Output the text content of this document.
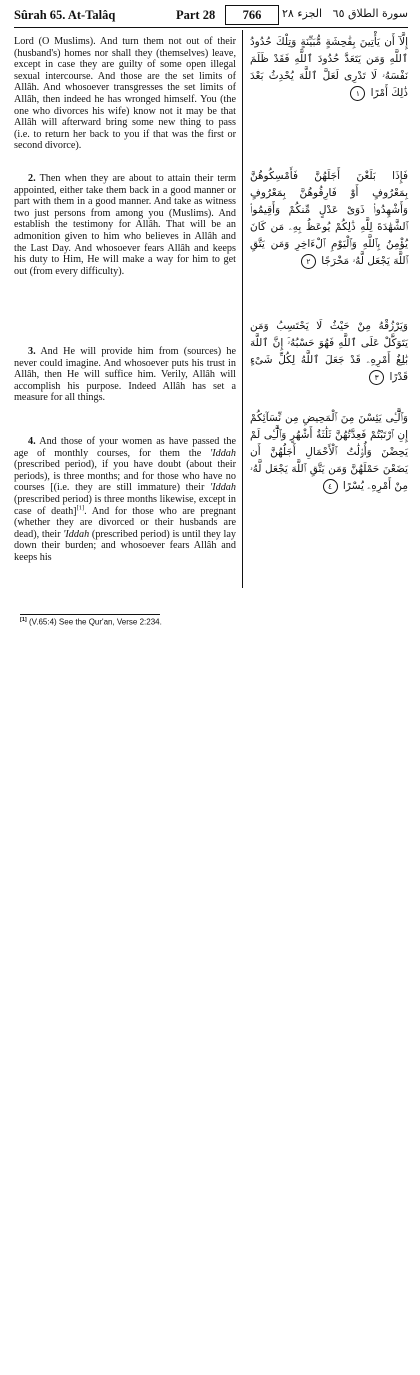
Sûrah 65. At-Talâq	Part 28	766	الجزء ٢٨ سورة الطلاق ٦٥

Lord (O Muslims). And turn them not out of their (husband's) homes nor shall they (themselves) leave, except in case they are guilty of some open illegal sexual intercourse. And those are the set limits of Allâh. And whosoever transgresses the set limits of Allâh, then indeed he has wronged himself. You (the one who divorces his wife) know not it may be that Allâh will afterward bring some new thing to pass (i.e. to return her back to you if that was the first or second divorce).

2. Then when they are about to attain their term appointed, either take them back in a good manner or part with them in a good manner. And take as witness two just persons from among you (Muslims). And establish the testimony for Allâh. That will be an admonition given to him who believes in Allâh and the Last Day. And whosoever fears Allâh and keeps his duty to Him, He will make a way for him to get out (from every difficulty).

3. And He will provide him from (sources) he never could imagine. And whosoever puts his trust in Allâh, then He will suffice him. Verily, Allâh will accomplish his purpose. Indeed Allâh has set a measure for all things.

4. And those of your women as have passed the age of monthly courses, for them the 'Iddah (prescribed period), if you have doubt (about their periods), is three months; and for those who have no courses [(i.e. they are still immature) their 'Iddah (prescribed period) is three months likewise, except in case of death][1]. And for those who are pregnant (whether they are divorced or their husbands are dead), their 'Iddah (prescribed period) is until they lay down their burden; and whosoever fears Allâh and keeps his

إِلَّآ أَن يَأْتِينَ بِفَٰحِشَةٍ مُّبَيِّنَةٍ وَتِلْكَ حُدُودُ ٱللَّهِ وَمَن يَتَعَدَّ حُدُودَ ٱللَّهِ فَقَدْ ظَلَمَ نَفْسَهُۥ لَا تَدْرِى لَعَلَّ ٱللَّهَ يُحْدِثُ بَعْدَ ذَٰلِكَ أَمْرًا ١
فَإِذَا بَلَغْنَ أَجَلَهُنَّ فَأَمْسِكُوهُنَّ بِمَعْرُوفٍ أَوْ فَارِقُوهُنَّ بِمَعْرُوفٍ وَأَشْهِدُوا۟ ذَوَىْ عَدْلٍ مِّنكُمْ وَأَقِيمُوا۟ ٱلشَّهَٰدَةَ لِلَّهِ ذَٰلِكُمْ يُوعَظُ بِهِۦ مَن كَانَ يُؤْمِنُ بِٱللَّهِ وَٱلْيَوْمِ ٱلْءَاخِرِ وَمَن يَتَّقِ ٱللَّهَ يَجْعَل لَّهُۥ مَخْرَجًا ٢
وَيَرْزُقْهُ مِنْ حَيْثُ لَا يَحْتَسِبُ وَمَن يَتَوَكَّلْ عَلَى ٱللَّهِ فَهُوَ حَسْبُهُۥٓ إِنَّ ٱللَّهَ بَٰلِغُ أَمْرِهِۦ قَدْ جَعَلَ ٱللَّهُ لِكُلِّ شَىْءٍ قَدْرًا ٣
وَٱلَّٰٓـِٔى يَئِسْنَ مِنَ ٱلْمَحِيضِ مِن نِّسَآئِكُمْ إِنِ ٱرْتَبْتُمْ فَعِدَّتُهُنَّ ثَلَٰثَةُ أَشْهُرٍ وَٱلَّٰٓـِٔى لَمْ يَحِضْنَ وَأُو۟لَٰتُ ٱلْأَحْمَالِ أَجَلُهُنَّ أَن يَضَعْنَ حَمْلَهُنَّ وَمَن يَتَّقِ ٱللَّهَ يَجْعَل لَّهُۥ مِنْ أَمْرِهِۦ يُسْرًا ٤
[1] (V.65:4) See the Qur'an, Verse 2:234.
